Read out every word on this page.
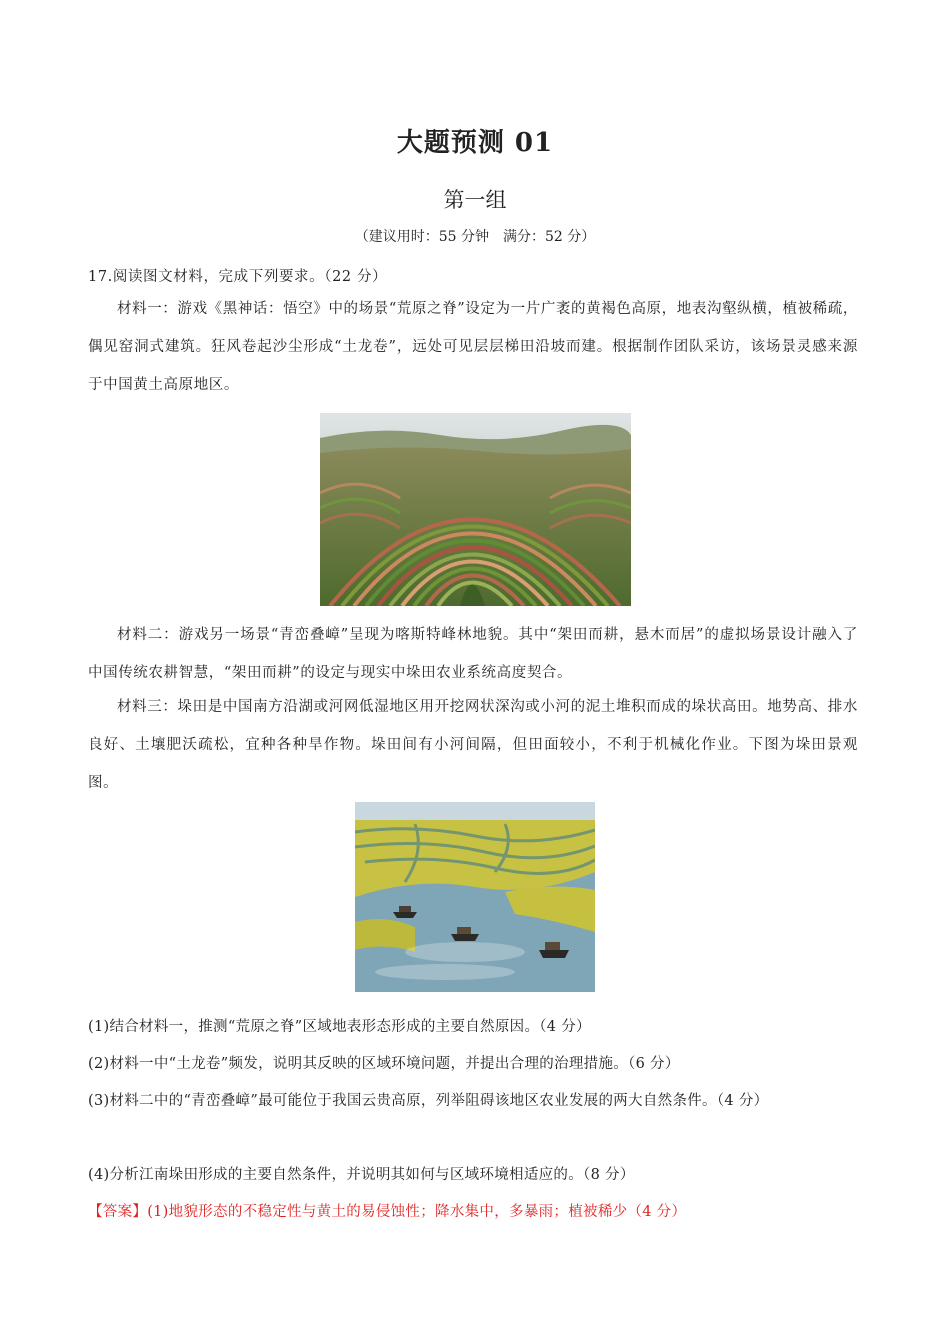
大题预测 01
第一组
（建议用时：55 分钟　满分：52 分）
17.阅读图文材料，完成下列要求。（22 分）
材料一：游戏《黑神话：悟空》中的场景“荒原之脊”设定为一片广袤的黄褐色高原，地表沟壑纵横，植被稀疏，偶见窑洞式建筑。狂风卷起沙尘形成“土龙卷”，远处可见层层梯田沿坡而建。根据制作团队采访，该场景灵感来源于中国黄土高原地区。
材料二：游戏另一场景“青峦叠嶂”呈现为喀斯特峰林地貌。其中“架田而耕，悬木而居”的虚拟场景设计融入了中国传统农耕智慧，“架田而耕”的设定与现实中垛田农业系统高度契合。
材料三：垛田是中国南方沿湖或河网低湿地区用开挖网状深沟或小河的泥土堆积而成的垛状高田。地势高、排水良好、土壤肥沃疏松，宜种各种旱作物。垛田间有小河间隔，但田面较小，不利于机械化作业。下图为垛田景观图。
(1)结合材料一，推测“荒原之脊”区域地表形态形成的主要自然原因。（4 分）
(2)材料一中“土龙卷”频发，说明其反映的区域环境问题，并提出合理的治理措施。（6 分）
(3)材料二中的“青峦叠嶂”最可能位于我国云贵高原，列举阻碍该地区农业发展的两大自然条件。（4 分）
(4)分析江南垛田形成的主要自然条件，并说明其如何与区域环境相适应的。（8 分）
【答案】(1)地貌形态的不稳定性与黄土的易侵蚀性；降水集中，多暴雨；植被稀少（4 分）
